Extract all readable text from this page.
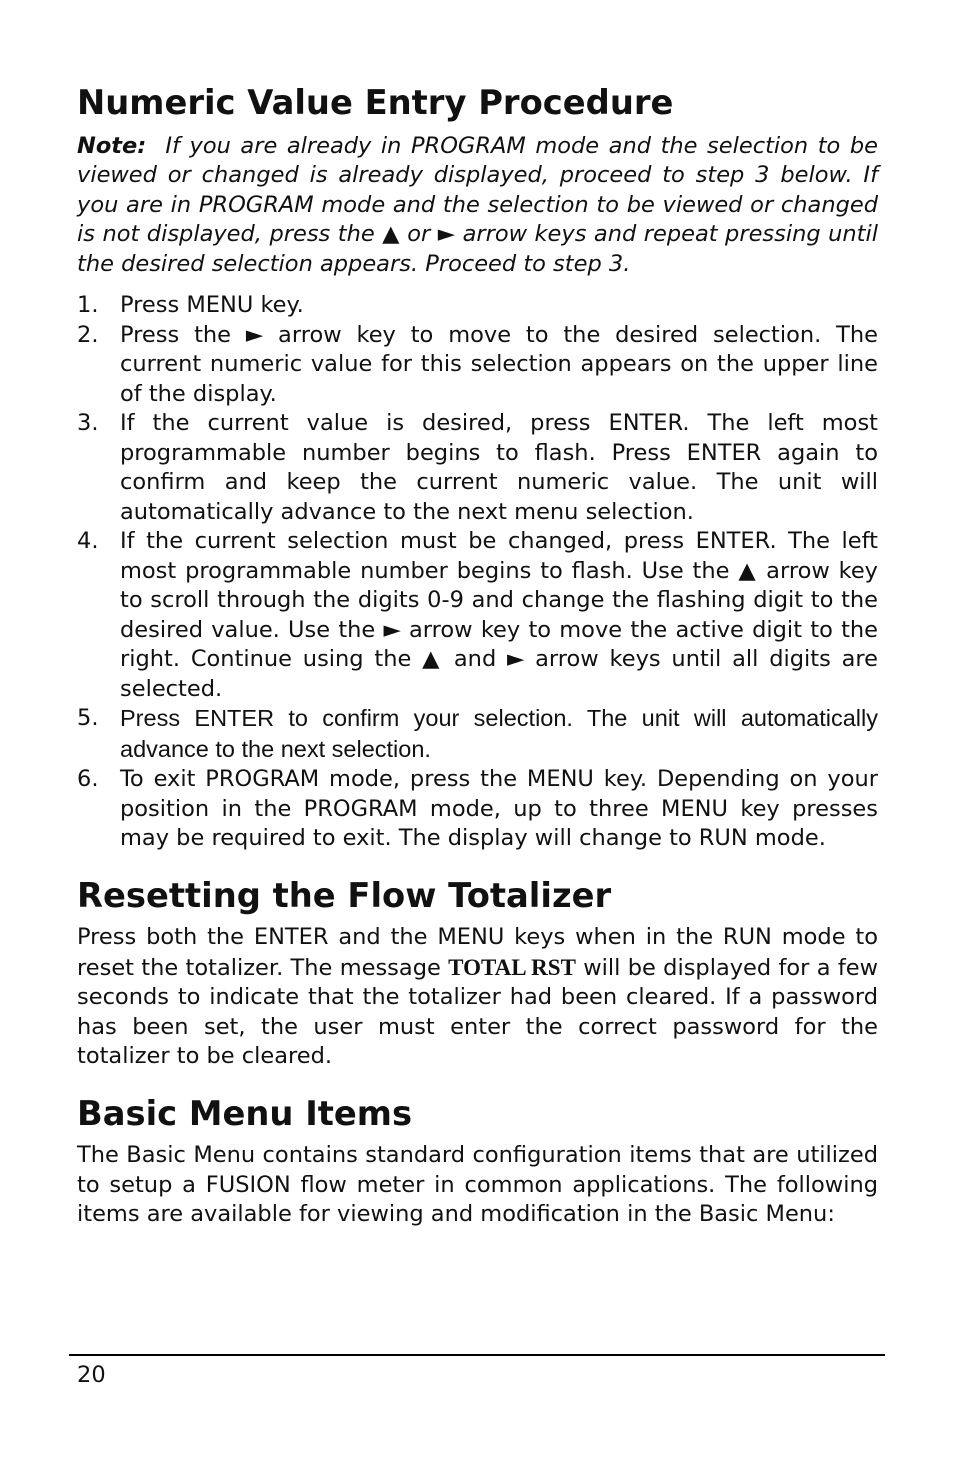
Numeric Value Entry Procedure

Note: If you are already in PROGRAM mode and the selection to be viewed or changed is already displayed, proceed to step 3 below. If you are in PROGRAM mode and the selection to be viewed or changed is not displayed, press the ▲ or ► arrow keys and repeat pressing until the desired selection appears. Proceed to step 3.

1. Press MENU key.
2. Press the ► arrow key to move to the desired selection. The current numeric value for this selection appears on the upper line of the display.
3. If the current value is desired, press ENTER. The left most programmable number begins to flash. Press ENTER again to confirm and keep the current numeric value. The unit will automatically advance to the next menu selection.
4. If the current selection must be changed, press ENTER. The left most programmable number begins to flash. Use the ▲ arrow key to scroll through the digits 0-9 and change the flashing digit to the desired value. Use the ► arrow key to move the active digit to the right. Continue using the ▲ and ► arrow keys until all digits are selected.
5. Press ENTER to confirm your selection. The unit will automatically advance to the next selection.
6. To exit PROGRAM mode, press the MENU key. Depending on your position in the PROGRAM mode, up to three MENU key presses may be required to exit. The display will change to RUN mode.
Resetting the Flow Totalizer

Press both the ENTER and the MENU keys when in the RUN mode to reset the totalizer. The message TOTAL RST will be displayed for a few seconds to indicate that the totalizer had been cleared. If a password has been set, the user must enter the correct password for the totalizer to be cleared.

Basic Menu Items

The Basic Menu contains standard configuration items that are utilized to setup a FUSION flow meter in common applications. The following items are available for viewing and modification in the Basic Menu:

20
